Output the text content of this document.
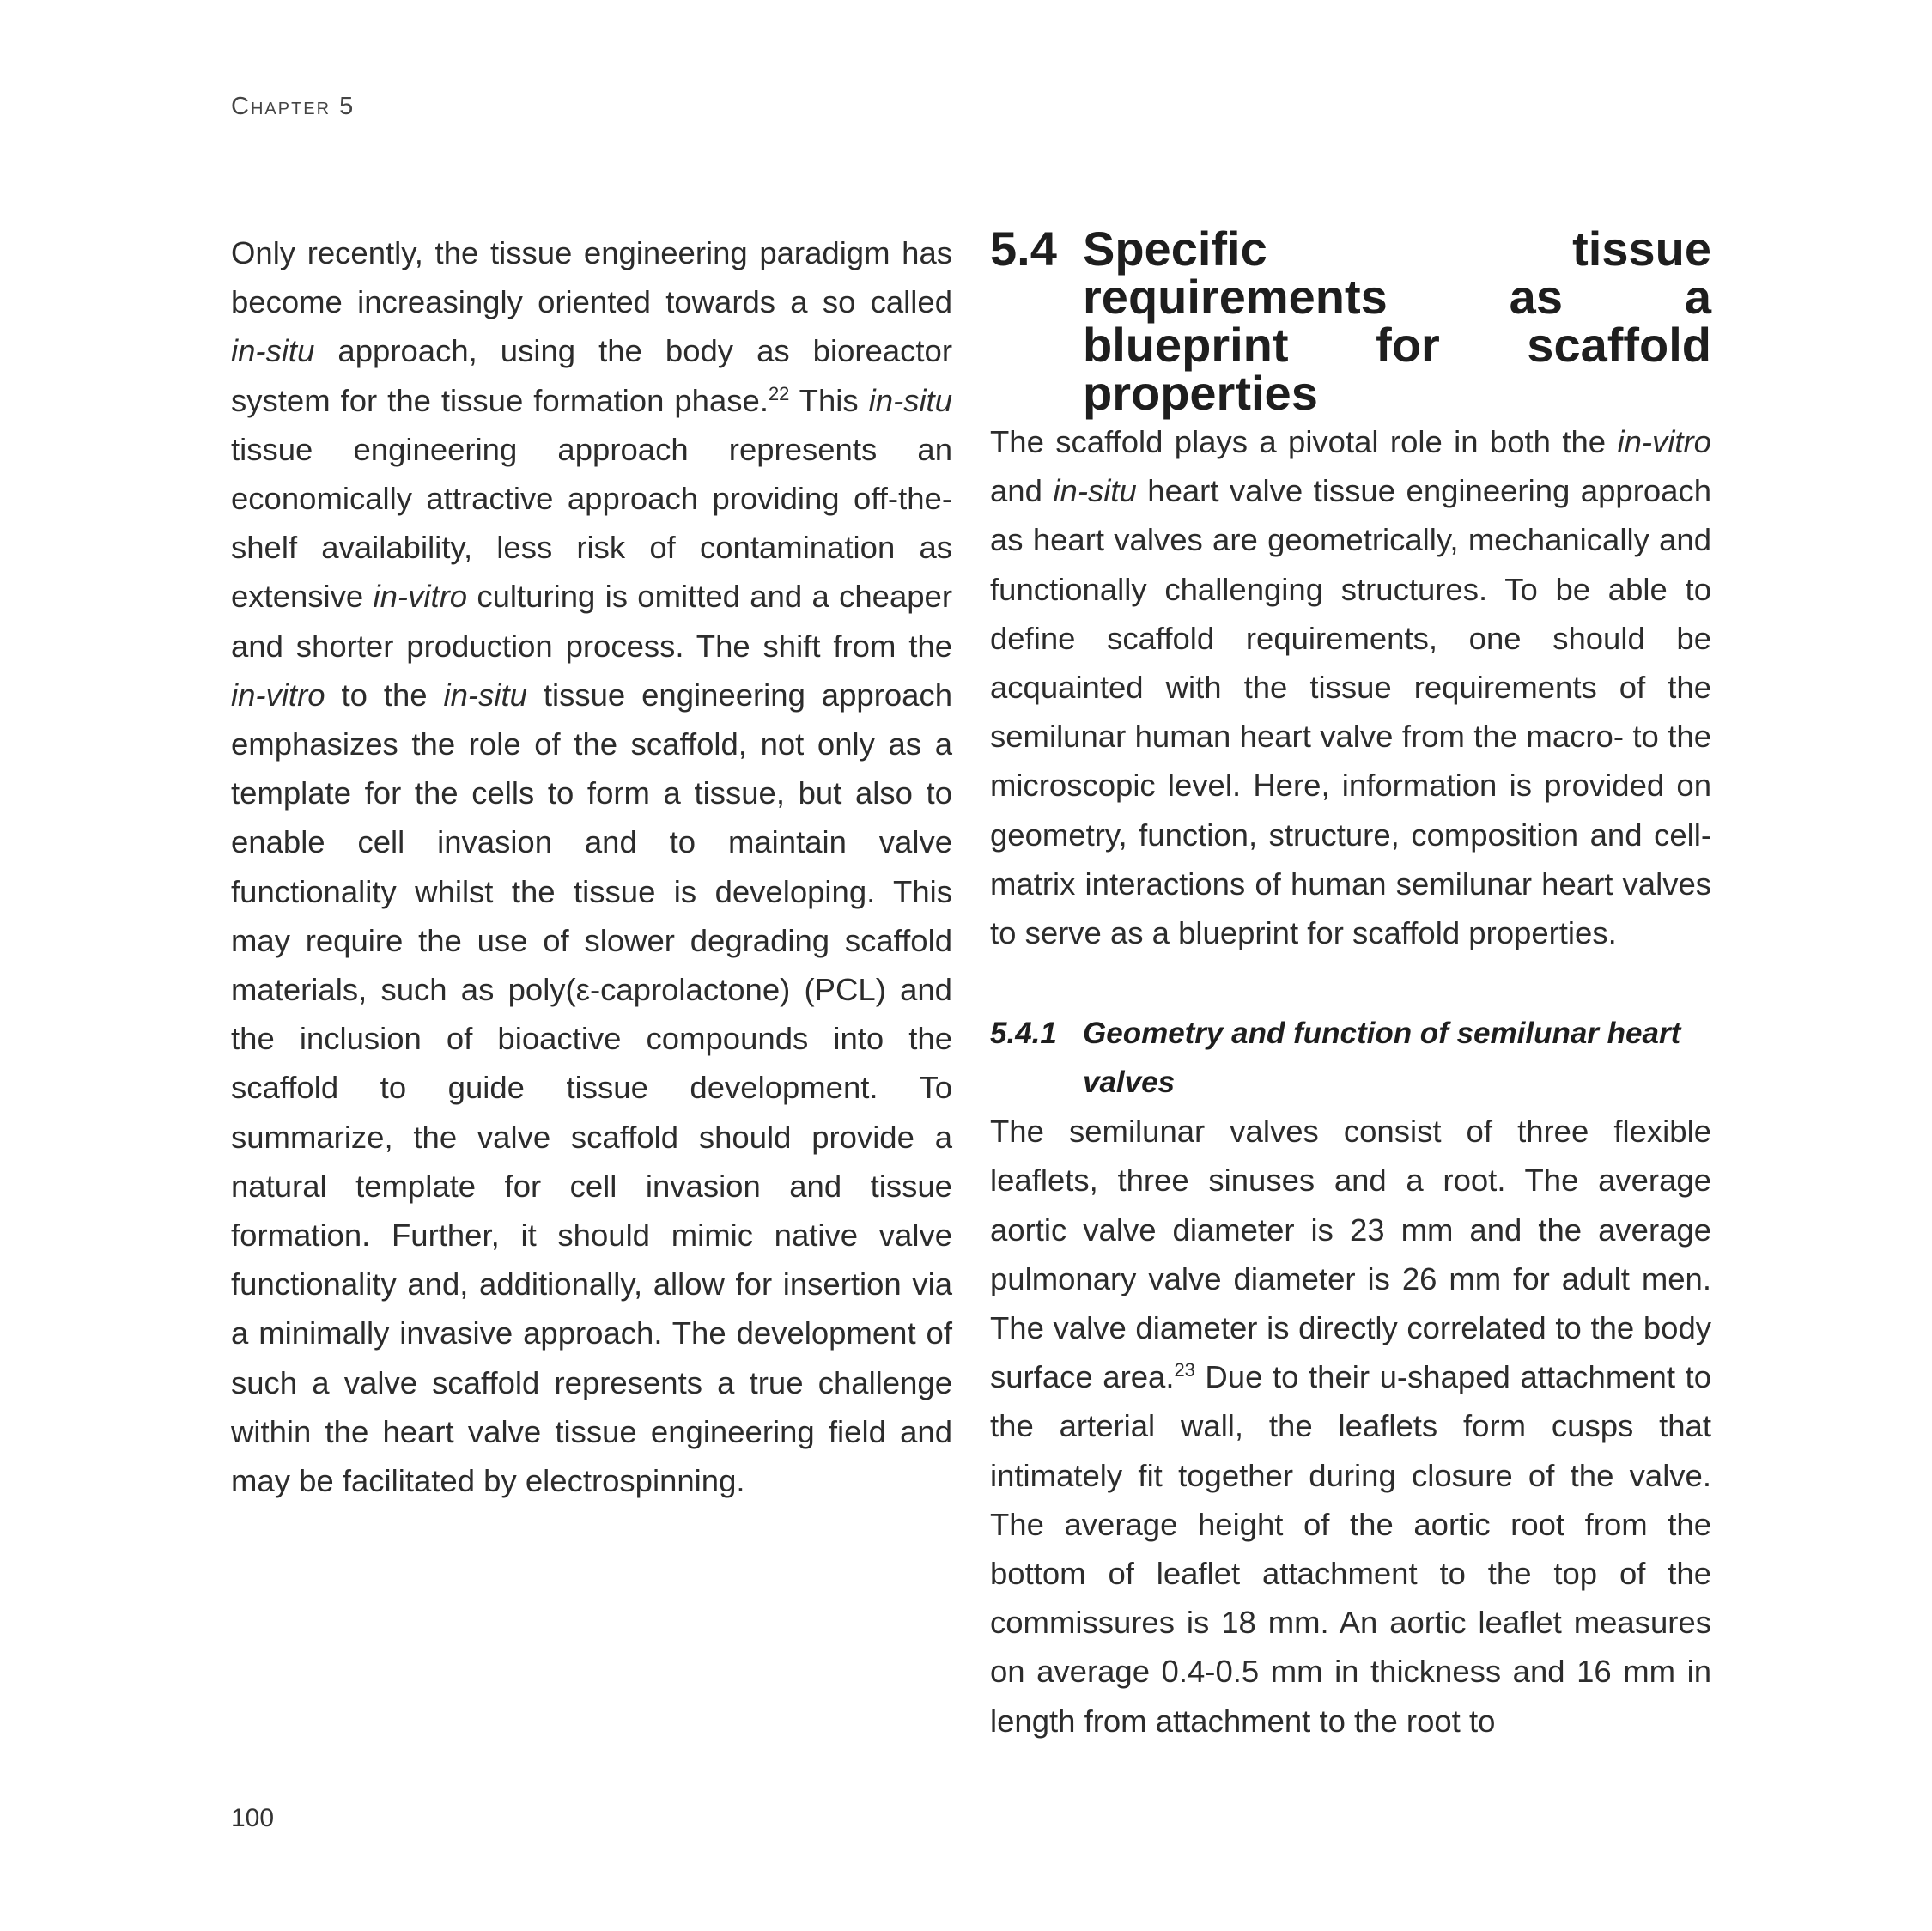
Chapter 5

Only recently, the tissue engineering paradigm has become increasingly oriented towards a so called in-situ approach, using the body as bioreactor system for the tissue formation phase.$^{22}$ This in-situ tissue engineering approach represents an economically attractive approach providing off-the-shelf availability, less risk of contamination as extensive in-vitro culturing is omitted and a cheaper and shorter production process. The shift from the in-vitro to the in-situ tissue engineering approach emphasizes the role of the scaffold, not only as a template for the cells to form a tissue, but also to enable cell invasion and to maintain valve functionality whilst the tissue is developing. This may require the use of slower degrading scaffold materials, such as poly(ε-caprolactone) (PCL) and the inclusion of bioactive compounds into the scaffold to guide tissue development. To summarize, the valve scaffold should provide a natural template for cell invasion and tissue formation. Further, it should mimic native valve functionality and, additionally, allow for insertion via a minimally invasive approach. The development of such a valve scaffold represents a true challenge within the heart valve tissue engineering field and may be facilitated by electrospinning.

5.4 Specific tissue requirements as a blueprint for scaffold properties

The scaffold plays a pivotal role in both the in-vitro and in-situ heart valve tissue engineering approach as heart valves are geometrically, mechanically and functionally challenging structures. To be able to define scaffold requirements, one should be acquainted with the tissue requirements of the semilunar human heart valve from the macro- to the microscopic level. Here, information is provided on geometry, function, structure, composition and cell-matrix interactions of human semilunar heart valves to serve as a blueprint for scaffold properties.

5.4.1 Geometry and function of semilunar heart valves

The semilunar valves consist of three flexible leaflets, three sinuses and a root. The average aortic valve diameter is 23 mm and the average pulmonary valve diameter is 26 mm for adult men. The valve diameter is directly correlated to the body surface area.$^{23}$ Due to their u-shaped attachment to the arterial wall, the leaflets form cusps that intimately fit together during closure of the valve. The average height of the aortic root from the bottom of leaflet attachment to the top of the commissures is 18 mm. An aortic leaflet measures on average 0.4-0.5 mm in thickness and 16 mm in length from attachment to the root to

100
